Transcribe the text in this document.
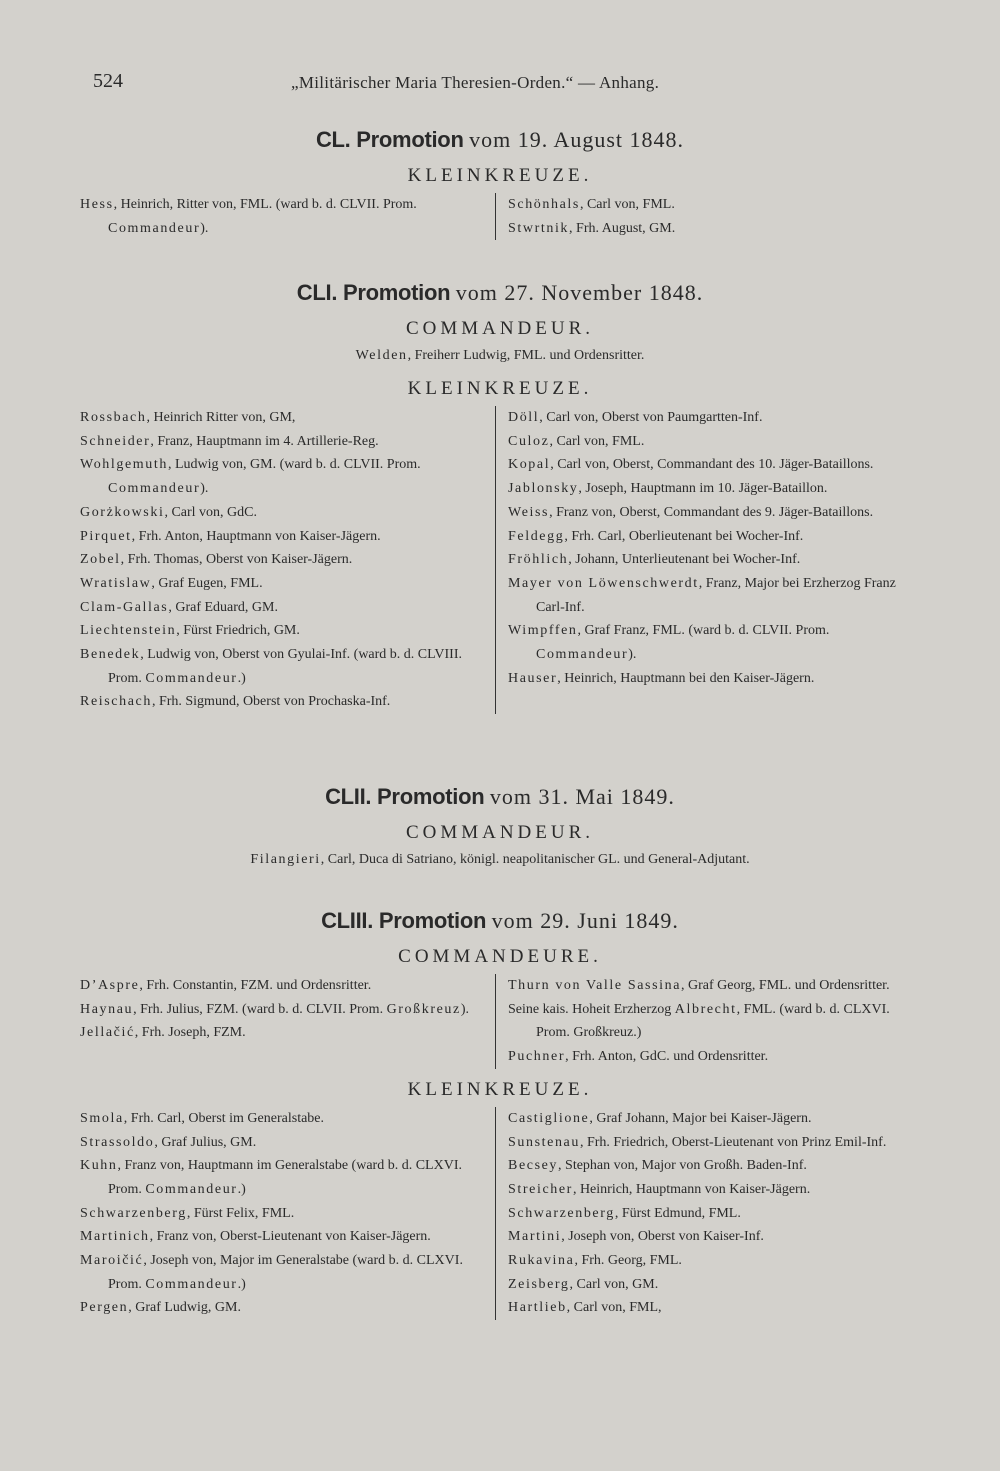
524	„Militärischer Maria Theresien-Orden.“ — Anhang.
CL. Promotion vom 19. August 1848.
KLEINKREUZE.
Hess, Heinrich, Ritter von, FML. (ward b. d. CLVII. Prom. Commandeur).
Schönhals, Carl von, FML.
Stwrtnik, Frh. August, GM.
CLI. Promotion vom 27. November 1848.
COMMANDEUR.
Welden, Freiherr Ludwig, FML. und Ordensritter.
KLEINKREUZE.
Rossbach, Heinrich Ritter von, GM,
Schneider, Franz, Hauptmann im 4. Artillerie-Reg.
Wohlgemuth, Ludwig von, GM. (ward b. d. CLVII. Prom. Commandeur).
Gorżkowski, Carl von, GdC.
Pirquet, Frh. Anton, Hauptmann von Kaiser-Jägern.
Zobel, Frh. Thomas, Oberst von Kaiser-Jägern.
Wratislaw, Graf Eugen, FML.
Clam-Gallas, Graf Eduard, GM.
Liechtenstein, Fürst Friedrich, GM.
Benedek, Ludwig von, Oberst von Gyulai-Inf. (ward b. d. CLVIII. Prom. Commandeur.)
Reischach, Frh. Sigmund, Oberst von Prochaska-Inf.
Döll, Carl von, Oberst von Paumgartten-Inf.
Culoz, Carl von, FML.
Kopal, Carl von, Oberst, Commandant des 10. Jäger-Bataillons.
Jablonsky, Joseph, Hauptmann im 10. Jäger-Bataillon.
Weiss, Franz von, Oberst, Commandant des 9. Jäger-Bataillons.
Feldegg, Frh. Carl, Oberlieutenant bei Wocher-Inf.
Fröhlich, Johann, Unterlieutenant bei Wocher-Inf.
Mayer von Löwenschwerdt, Franz, Major bei Erzherzog Franz Carl-Inf.
Wimpffen, Graf Franz, FML. (ward b. d. CLVII. Prom. Commandeur).
Hauser, Heinrich, Hauptmann bei den Kaiser-Jägern.
CLII. Promotion vom 31. Mai 1849.
COMMANDEUR.
Filangieri, Carl, Duca di Satriano, königl. neapolitanischer GL. und General-Adjutant.
CLIII. Promotion vom 29. Juni 1849.
COMMANDEURE.
D’Aspre, Frh. Constantin, FZM. und Ordensritter.
Haynau, Frh. Julius, FZM. (ward b. d. CLVII. Prom. Großkreuz).
Jellačić, Frh. Joseph, FZM.
Thurn von Valle Sassina, Graf Georg, FML. und Ordensritter.
Seine kais. Hoheit Erzherzog Albrecht, FML. (ward b. d. CLXVI. Prom. Großkreuz.)
Puchner, Frh. Anton, GdC. und Ordensritter.
KLEINKREUZE.
Smola, Frh. Carl, Oberst im Generalstabe.
Strassoldo, Graf Julius, GM.
Kuhn, Franz von, Hauptmann im Generalstabe (ward b. d. CLXVI. Prom. Commandeur.)
Schwarzenberg, Fürst Felix, FML.
Martinich, Franz von, Oberst-Lieutenant von Kaiser-Jägern.
Maroičić, Joseph von, Major im Generalstabe (ward b. d. CLXVI. Prom. Commandeur.)
Pergen, Graf Ludwig, GM.
Castiglione, Graf Johann, Major bei Kaiser-Jägern.
Sunstenau, Frh. Friedrich, Oberst-Lieutenant von Prinz Emil-Inf.
Becsey, Stephan von, Major von Großh. Baden-Inf.
Streicher, Heinrich, Hauptmann von Kaiser-Jägern.
Schwarzenberg, Fürst Edmund, FML.
Martini, Joseph von, Oberst von Kaiser-Inf.
Rukavina, Frh. Georg, FML.
Zeisberg, Carl von, GM.
Hartlieb, Carl von, FML,
